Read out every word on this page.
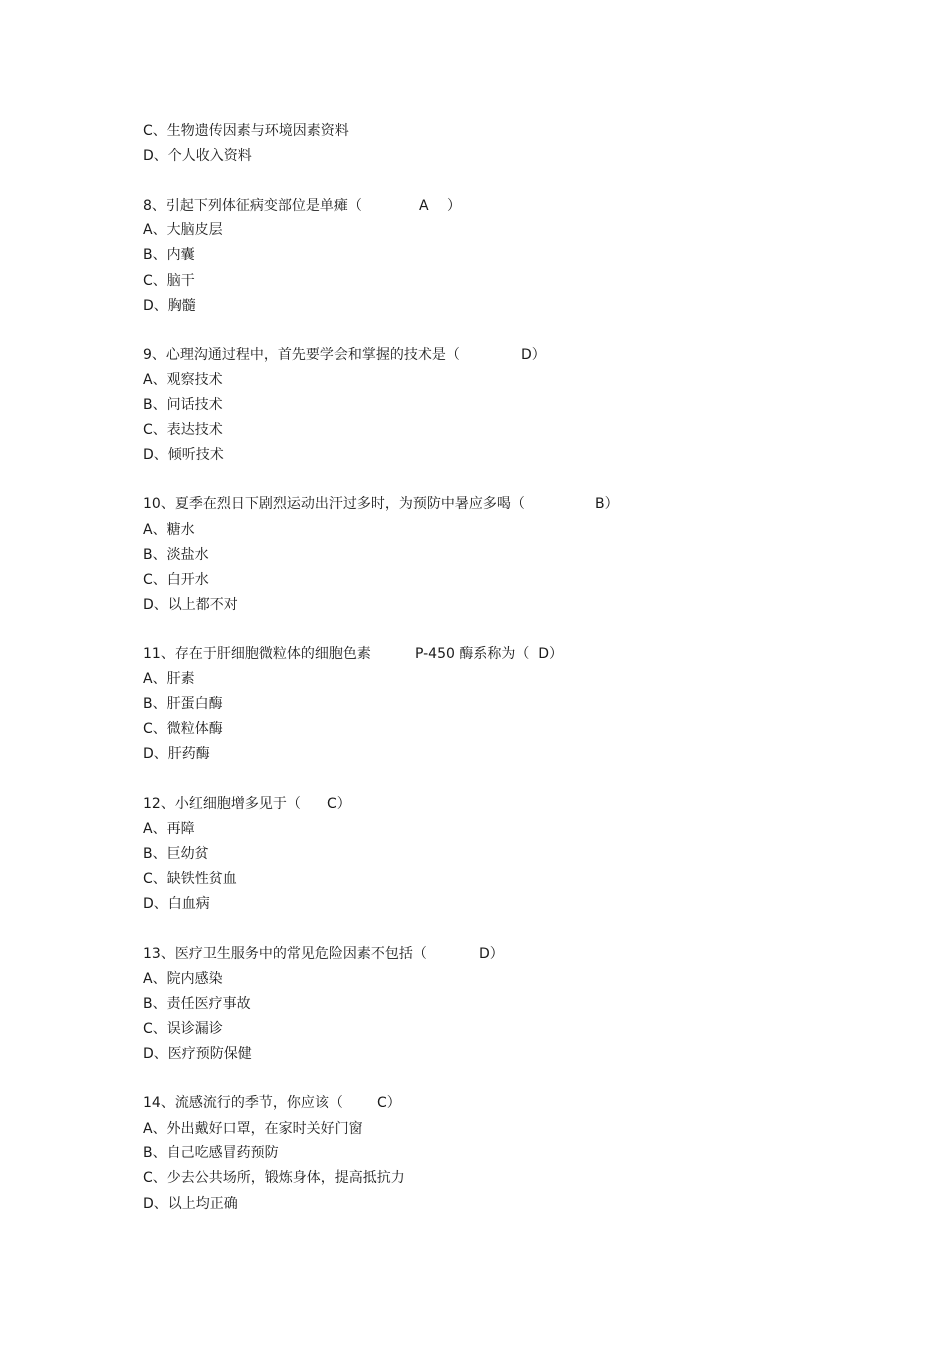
C、生物遗传因素与环境因素资料
D、个人收入资料
8、引起下列体征病变部位是单瘫（	A ）
A、大脑皮层
B、内囊
C、脑干
D、胸髓
9、心理沟通过程中，首先要学会和掌握的技术是（	D）
A、观察技术
B、问话技术
C、表达技术
D、倾听技术
10、夏季在烈日下剧烈运动出汗过多时，为预防中暑应多喝（	B）
A、糖水
B、淡盐水
C、白开水
D、以上都不对
11、存在于肝细胞微粒体的细胞色素	P-450 酶系称为（  D）
A、肝素
B、肝蛋白酶
C、微粒体酶
D、肝药酶
12、小红细胞增多见于（ C）
A、再障
B、巨幼贫
C、缺铁性贫血
D、白血病
13、医疗卫生服务中的常见危险因素不包括（	D）
A、院内感染
B、责任医疗事故
C、误诊漏诊
D、医疗预防保健
14、流感流行的季节，你应该（ C）
A、外出戴好口罩，在家时关好门窗
B、自己吃感冒药预防
C、少去公共场所，锻炼身体，提高抵抗力
D、以上均正确
